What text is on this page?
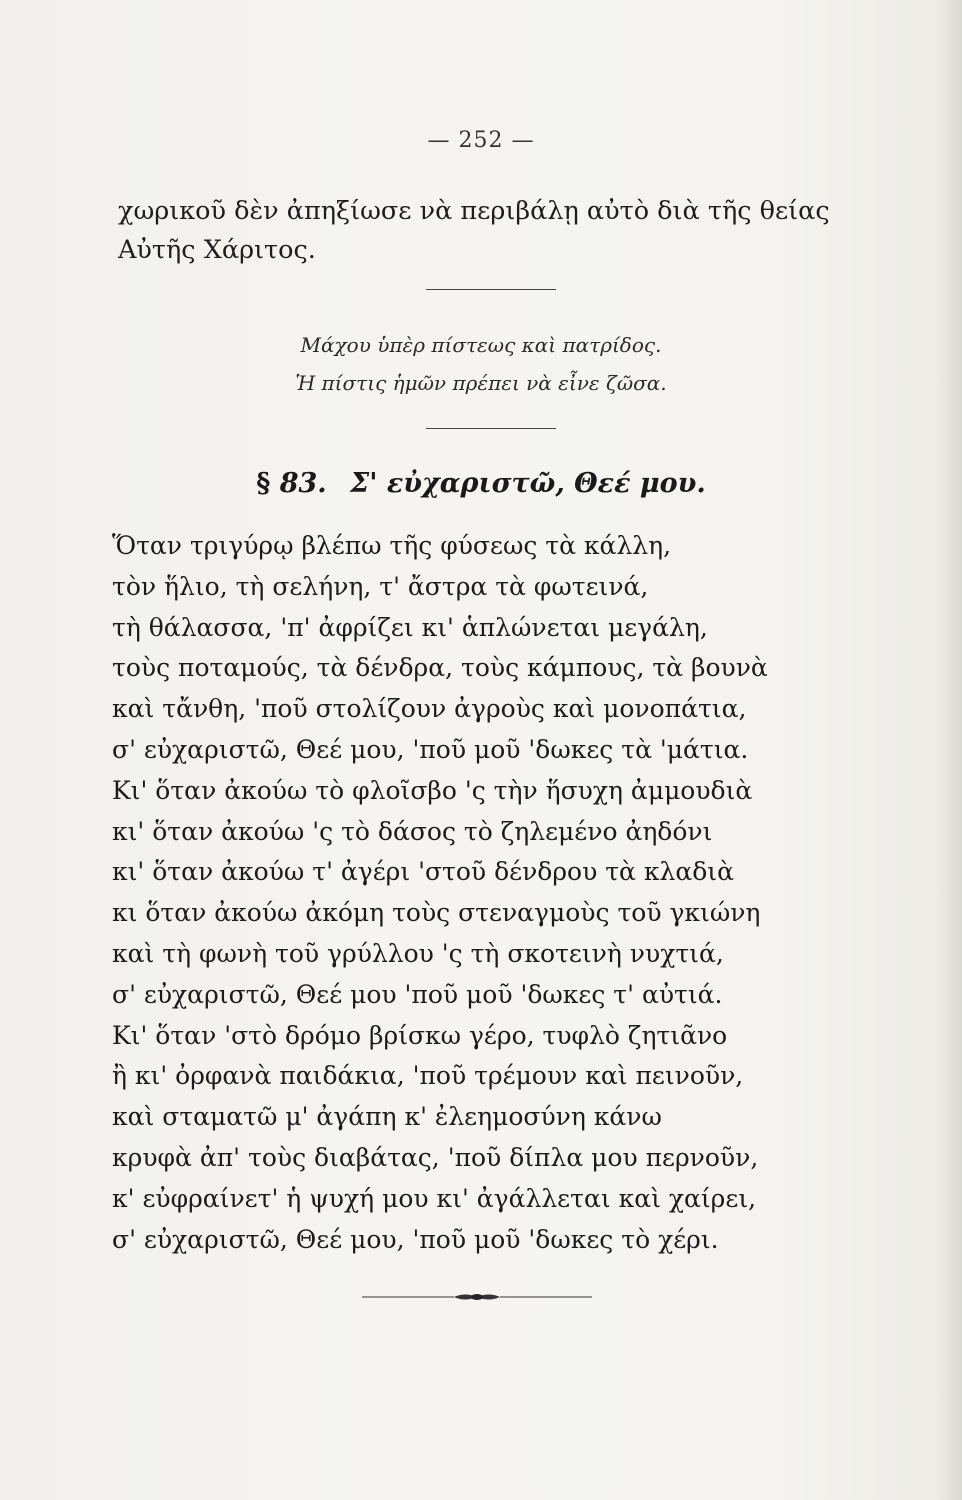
— 252 —
χωρικοῦ δὲν ἀπηξίωσε νὰ περιβάλῃ αὐτὸ διὰ τῆς θείας
Αὐτῆς Χάριτος.
Μάχου ὑπὲρ πίστεως καὶ πατρίδος.
Ἡ πίστις ἡμῶν πρέπει νὰ εἶνε ζῶσα.
§ 83. Σ' εὐχαριστῶ, Θεέ μου.
Ὅταν τριγύρῳ βλέπω τῆς φύσεως τὰ κάλλη,
τὸν ἥλιο, τὴ σελήνη, τ' ἄστρα τὰ φωτεινά,
τὴ θάλασσα, 'π' ἀφρίζει κι' ἁπλώνεται μεγάλη,
τοὺς ποταμούς, τὰ δένδρα, τοὺς κάμπους, τὰ βουνὰ
καὶ τἄνθη, 'ποῦ στολίζουν ἀγροὺς καὶ μονοπάτια,
σ' εὐχαριστῶ, Θεέ μου, 'ποῦ μοῦ 'δωκες τὰ 'μάτια.
Κι' ὅταν ἀκούω τὸ φλοῖσβο 'ς τὴν ἥσυχη ἀμμουδιὰ
κι' ὅταν ἀκούω 'ς τὸ δάσος τὸ ζηλεμένο ἀηδόνι
κι' ὅταν ἀκούω τ' ἀγέρι 'στοῦ δένδρου τὰ κλαδιὰ
κι ὅταν ἀκούω ἀκόμη τοὺς στεναγμοὺς τοῦ γκιώνη
καὶ τὴ φωνὴ τοῦ γρύλλου 'ς τὴ σκοτεινὴ νυχτιά,
σ' εὐχαριστῶ, Θεέ μου 'ποῦ μοῦ 'δωκες τ' αὐτιά.
Κι' ὅταν 'στὸ δρόμο βρίσκω γέρο, τυφλὸ ζητιᾶνο
ἢ κι' ὀρφανὰ παιδάκια, 'ποῦ τρέμουν καὶ πεινοῦν,
καὶ σταματῶ μ' ἀγάπη κ' ἐλεημοσύνη κάνω
κρυφὰ ἀπ' τοὺς διαβάτας, 'ποῦ δίπλα μου περνοῦν,
κ' εὐφραίνετ' ἡ ψυχή μου κι' ἀγάλλεται καὶ χαίρει,
σ' εὐχαριστῶ, Θεέ μου, 'ποῦ μοῦ 'δωκες τὸ χέρι.
